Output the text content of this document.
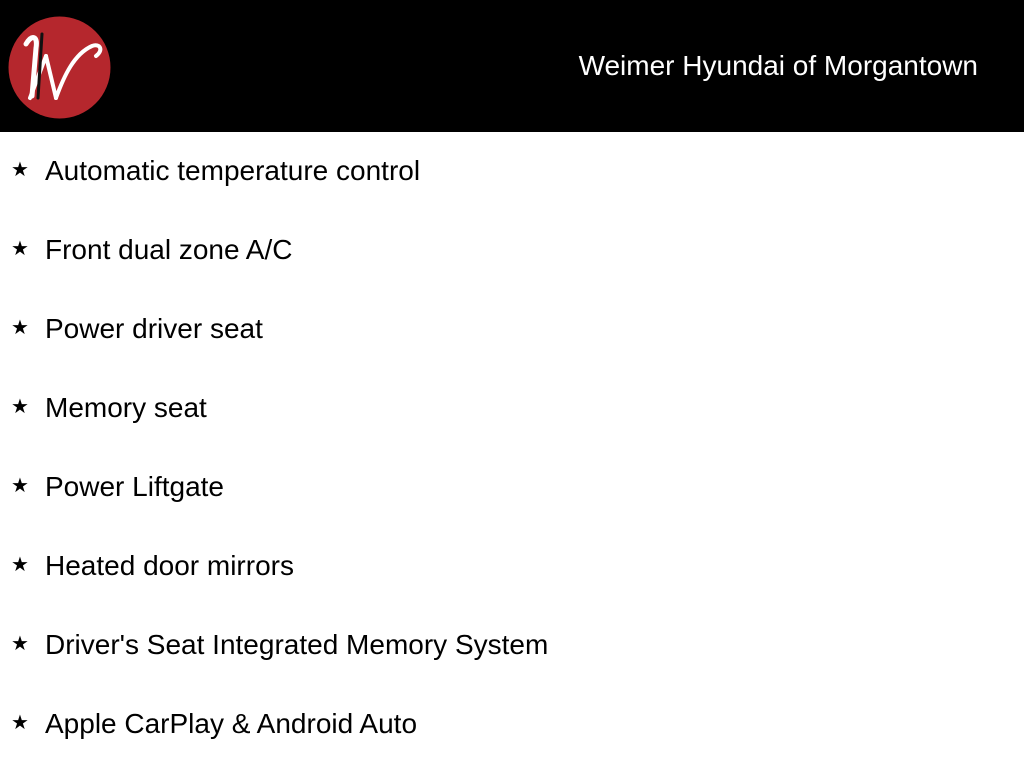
Weimer Hyundai of Morgantown
★ Automatic temperature control
★ Front dual zone A/C
★ Power driver seat
★ Memory seat
★ Power Liftgate
★ Heated door mirrors
★ Driver's Seat Integrated Memory System
★ Apple CarPlay & Android Auto
